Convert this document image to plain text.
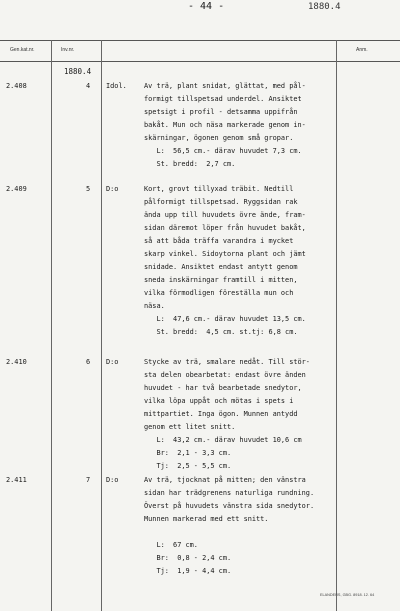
- 44 -	1880.4
Gen.kat.nr.	Inv.nr.	Anm.
1880.4
2.408	4 Idol.	Av trä, plant snidat, glättat, med pål-
formigt tillspetsad underdel. Ansiktet
spetsigt i profil - detsamma uppifrån
bakåt. Mun och näsa markerade genom in-
skärningar, ögonen genom små gropar.
L:  56,5 cm.- därav huvudet 7,3 cm.
St. bredd:  2,7 cm.
2.409	5 D:o	Kort, grovt tillyxad träbit. Nedtill
pålformigt tillspetsad. Ryggsidan rak
ända upp till huvudets övre ände, fram-
sidan däremot löper från huvudet bakåt,
så att båda träffa varandra i mycket
skarp vinkel. Sidoytorna plant och jämt
snidade. Ansiktet endast antytt genom
sneda inskärningar framtill i mitten,
vilka förmodligen föreställa mun och
näsa.
L:  47,6 cm.- därav huvudet 13,5 cm.
St. bredd:  4,5 cm. st.tj: 6,8 cm.
2.410	6 D:o	Stycke av trä, smalare nedåt. Till stör-
sta delen obearbetat: endast övre änden
huvudet - har två bearbetade snedytor,
vilka löpa uppåt och mötas i spets i
mittpartiet. Inga ögon. Munnen antydd
genom ett litet snitt.
L:  43,2 cm.- därav huvudet 10,6 cm
Br:  2,1 - 3,3 cm.
Tj:  2,5 - 5,5 cm.
2.411	7 D:o	Av trä, tjocknat på mitten; den vänstra
sidan har trädgrenens naturliga rundning.
Överst på huvudets vänstra sida snedytor.
Munnen markerad med ett snitt.
L:  67 cm.
Br:  0,8 - 2,4 cm.
Tj:  1,9 - 4,4 cm.
ELANDERS, GBG. 8918. 12. 64
